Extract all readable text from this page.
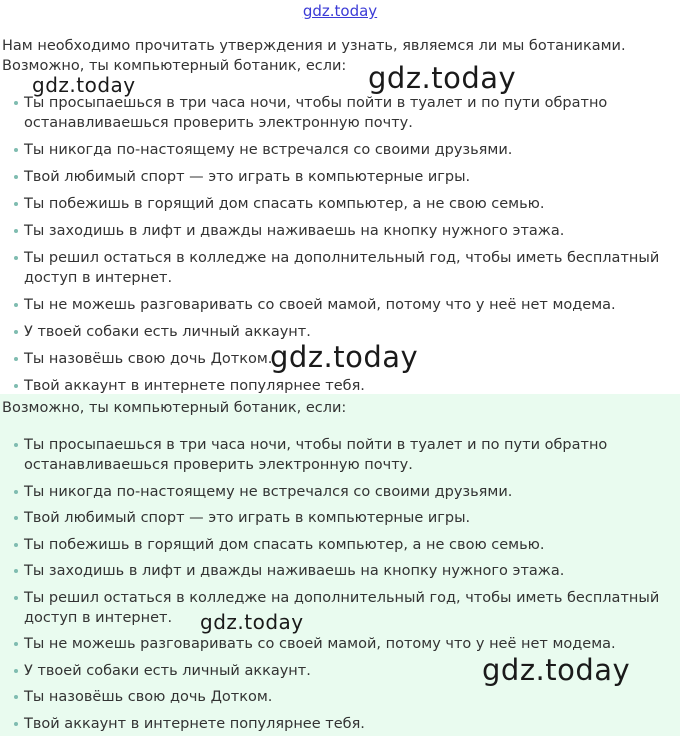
gdz.today
Нам необходимо прочитать утверждения и узнать, являемся ли мы ботаниками.
Возможно, ты компьютерный ботаник, если:
Ты просыпаешься в три часа ночи, чтобы пойти в туалет и по пути обратно останавливаешься проверить электронную почту.
Ты никогда по-настоящему не встречался со своими друзьями.
Твой любимый спорт — это играть в компьютерные игры.
Ты побежишь в горящий дом спасать компьютер, а не свою семью.
Ты заходишь в лифт и дважды наживаешь на кнопку нужного этажа.
Ты решил остаться в колледже на дополнительный год, чтобы иметь бесплатный доступ в интернет.
Ты не можешь разговаривать со своей мамой, потому что у неё нет модема.
У твоей собаки есть личный аккаунт.
Ты назовёшь свою дочь Дотком.
Твой аккаунт в интернете популярнее тебя.
Возможно, ты компьютерный ботаник, если:
Ты просыпаешься в три часа ночи, чтобы пойти в туалет и по пути обратно останавливаешься проверить электронную почту.
Ты никогда по-настоящему не встречался со своими друзьями.
Твой любимый спорт — это играть в компьютерные игры.
Ты побежишь в горящий дом спасать компьютер, а не свою семью.
Ты заходишь в лифт и дважды наживаешь на кнопку нужного этажа.
Ты решил остаться в колледже на дополнительный год, чтобы иметь бесплатный доступ в интернет.
Ты не можешь разговаривать со своей мамой, потому что у неё нет модема.
У твоей собаки есть личный аккаунт.
Ты назовёшь свою дочь Дотком.
Твой аккаунт в интернете популярнее тебя.
gdz.today	gdz.today
gdz.today
gdz.today
gdz.today
